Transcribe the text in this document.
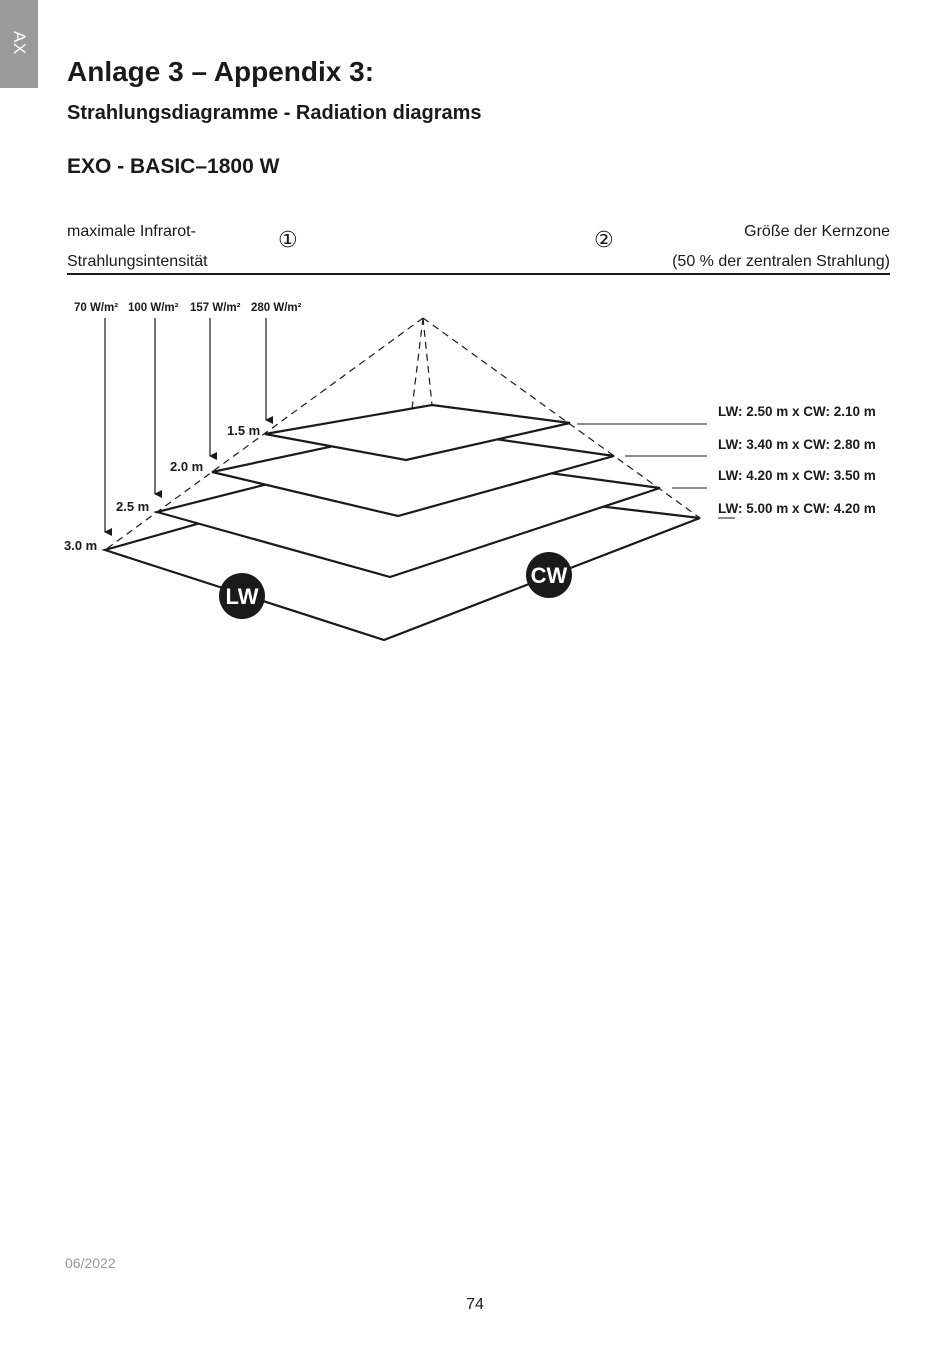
AX
Anlage 3 – Appendix 3:
Strahlungsdiagramme - Radiation diagrams
EXO - BASIC–1800 W
maximale Infrarot-
Strahlungsintensität
①	②	Größe der Kernzone
(50 % der zentralen Strahlung)
70 W/m² 100 W/m² 157 W/m² 280 W/m²
1.5 m
2.0 m
2.5 m
3.0 m
LW: 2.50 m x CW: 2.10 m
LW: 3.40 m x CW: 2.80 m
LW: 4.20 m x CW: 3.50 m
LW: 5.00 m x CW: 4.20 m
LW
CW
06/2022
74
